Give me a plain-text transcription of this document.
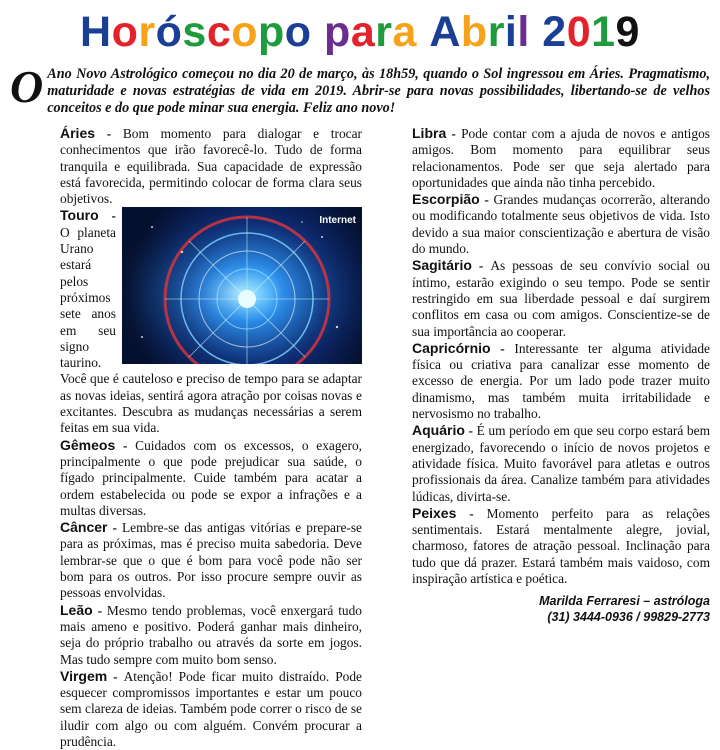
Horóscopo para Abril 2019
O Ano Novo Astrológico começou no dia 20 de março, às 18h59, quando o Sol ingressou em Áries. Pragmatismo, maturidade e novas estratégias de vida em 2019. Abrir-se para novas possibilidades, libertando-se de velhos conceitos e do que pode minar sua energia. Feliz ano novo!

Áries - Bom momento para dialogar e trocar conhecimentos que irão favorecê-lo. Tudo de forma tranquila e equilibrada. Sua capacidade de expressão está favorecida, permitindo colocar de forma clara seus objetivos.

Internet

Touro - O planeta Urano estará pelos próximos sete anos em seu signo taurino. Você que é cauteloso e preciso de tempo para se adaptar as novas ideias, sentirá agora atração por coisas novas e excitantes. Descubra as mudanças necessárias a serem feitas em sua vida.

Gêmeos - Cuidados com os excessos, o exagero, principalmente o que pode prejudicar sua saúde, o fígado principalmente. Cuide também para acatar a ordem estabelecida ou pode se expor a infrações e a multas diversas.

Câncer - Lembre-se das antigas vitórias e prepare-se para as próximas, mas é preciso muita sabedoria. Deve lembrar-se que o que é bom para você pode não ser bom para os outros. Por isso procure sempre ouvir as pessoas envolvidas.

Leão - Mesmo tendo problemas, você enxergará tudo mais ameno e positivo. Poderá ganhar mais dinheiro, seja do próprio trabalho ou através da sorte em jogos. Mas tudo sempre com muito bom senso.

Virgem - Atenção! Pode ficar muito distraído. Pode esquecer compromissos importantes e estar um pouco sem clareza de ideias. Também pode correr o risco de se iludir com algo ou com alguém. Convém procurar a prudência.

Libra - Pode contar com a ajuda de novos e antigos amigos. Bom momento para equilibrar seus relacionamentos. Pode ser que seja alertado para oportunidades que ainda não tinha percebido.

Escorpião - Grandes mudanças ocorrerão, alterando ou modificando totalmente seus objetivos de vida. Isto devido a sua maior conscientização e abertura de visão do mundo.

Sagitário - As pessoas de seu convívio social ou íntimo, estarão exigindo o seu tempo. Pode se sentir restringido em sua liberdade pessoal e daí surgirem conflitos em casa ou com amigos. Conscientize-se de sua importância ao cooperar.

Capricórnio - Interessante ter alguma atividade física ou criativa para canalizar esse momento de excesso de energia. Por um lado pode trazer muito dinamismo, mas também muita irritabilidade e nervosismo no trabalho.

Aquário - É um período em que seu corpo estará bem energizado, favorecendo o início de novos projetos e atividade física. Muito favorável para atletas e outros profissionais da área. Canalize também para atividades lúdicas, divirta-se.

Peixes - Momento perfeito para as relações sentimentais. Estará mentalmente alegre, jovial, charmoso, fatores de atração pessoal. Inclinação para tudo que dá prazer. Estará também mais vaidoso, com inspiração artística e poética.

Marilda Ferraresi – astróloga
(31) 3444-0936 / 99829-2773
